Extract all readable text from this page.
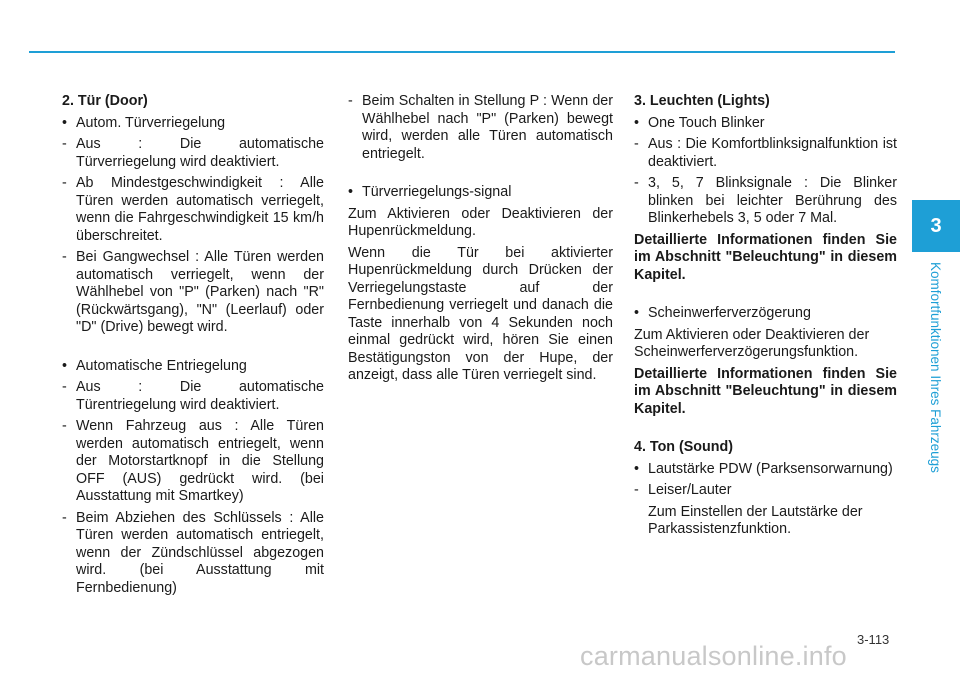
2. Tür (Door)
• Autom. Türverriegelung
- Aus : Die automatische Türverriegelung wird deaktiviert.
- Ab Mindestgeschwindigkeit : Alle Türen werden automatisch verriegelt, wenn die Fahrgeschwindigkeit 15 km/h überschreitet.
- Bei Gangwechsel : Alle Türen werden automatisch verriegelt, wenn der Wählhebel von "P" (Parken) nach "R" (Rückwärtsgang), "N" (Leerlauf) oder "D" (Drive) bewegt wird.
• Automatische Entriegelung
- Aus : Die automatische Türentriegelung wird deaktiviert.
- Wenn Fahrzeug aus : Alle Türen werden automatisch entriegelt, wenn der Motorstartknopf in die Stellung OFF (AUS) gedrückt wird. (bei Ausstattung mit Smartkey)
- Beim Abziehen des Schlüssels : Alle Türen werden automatisch entriegelt, wenn der Zündschlüssel abgezogen wird. (bei Ausstattung mit Fernbedienung)
- Beim Schalten in Stellung P : Wenn der Wählhebel nach "P" (Parken) bewegt wird, werden alle Türen automatisch entriegelt.
• Türverriegelungs-signal
Zum Aktivieren oder Deaktivieren der Hupenrückmeldung.
Wenn die Tür bei aktivierter Hupenrückmeldung durch Drücken der Verriegelungstaste auf der Fernbedienung verriegelt und danach die Taste innerhalb von 4 Sekunden noch einmal gedrückt wird, hören Sie einen Bestätigungston von der Hupe, der anzeigt, dass alle Türen verriegelt sind.
3. Leuchten (Lights)
• One Touch Blinker
- Aus : Die Komfortblinksignalfunktion ist deaktiviert.
- 3, 5, 7 Blinksignale : Die Blinker blinken bei leichter Berührung des Blinkerhebels 3, 5 oder 7 Mal.
Detaillierte Informationen finden Sie im Abschnitt "Beleuchtung" in diesem Kapitel.
• Scheinwerferverzögerung
Zum Aktivieren oder Deaktivieren der Scheinwerferverzögerungsfunktion.
Detaillierte Informationen finden Sie im Abschnitt "Beleuchtung" in diesem Kapitel.
4. Ton (Sound)
• Lautstärke PDW (Parksensorwarnung)
- Leiser/Lauter
Zum Einstellen der Lautstärke der Parkassistenzfunktion.
3
Komfortfunktionen Ihres Fahrzeugs
3-113
carmanualsonline.info
